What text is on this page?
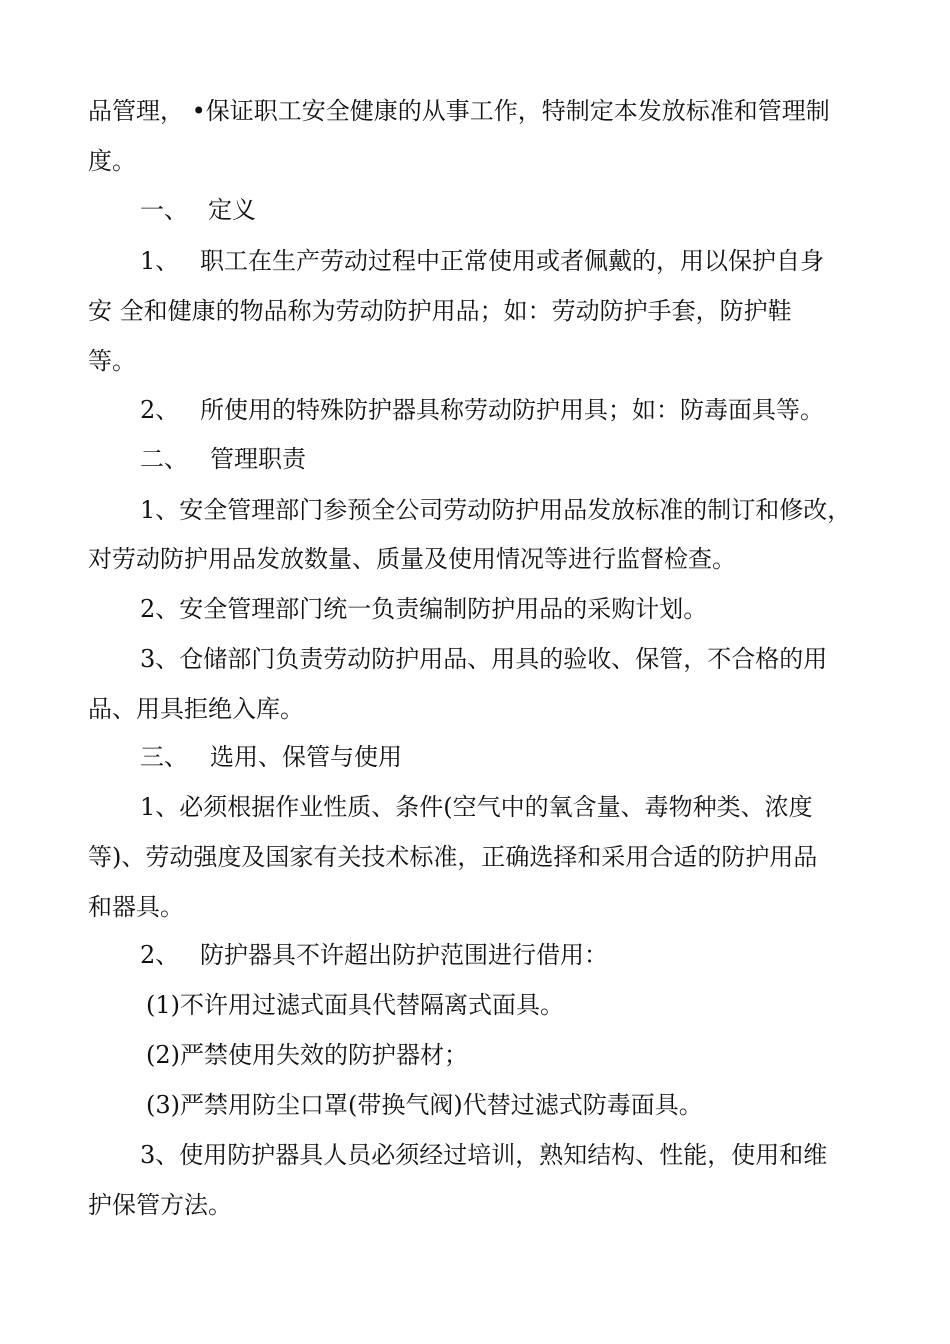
品管理， •保证职工安全健康的从事工作，特制定本发放标准和管理制
度。
一、 定义
1、 职工在生产劳动过程中正常使用或者佩戴的，用以保护自身
安 全和健康的物品称为劳动防护用品；如：劳动防护手套，防护鞋
等。
2、 所使用的特殊防护器具称劳动防护用具；如：防毒面具等。
二、 管理职责
1、安全管理部门参预全公司劳动防护用品发放标准的制订和修改，
对劳动防护用品发放数量、质量及使用情况等进行监督检查。
2、安全管理部门统一负责编制防护用品的采购计划。
3、仓储部门负责劳动防护用品、用具的验收、保管，不合格的用
品、用具拒绝入库。
三、 选用、保管与使用
1、必须根据作业性质、条件(空气中的氧含量、毒物种类、浓度
等)、劳动强度及国家有关技术标准，正确选择和采用合适的防护用品
和器具。
2、 防护器具不许超出防护范围进行借用：
(1)不许用过滤式面具代替隔离式面具。
(2)严禁使用失效的防护器材；
(3)严禁用防尘口罩(带换气阀)代替过滤式防毒面具。
3、使用防护器具人员必须经过培训，熟知结构、性能，使用和维
护保管方法。
